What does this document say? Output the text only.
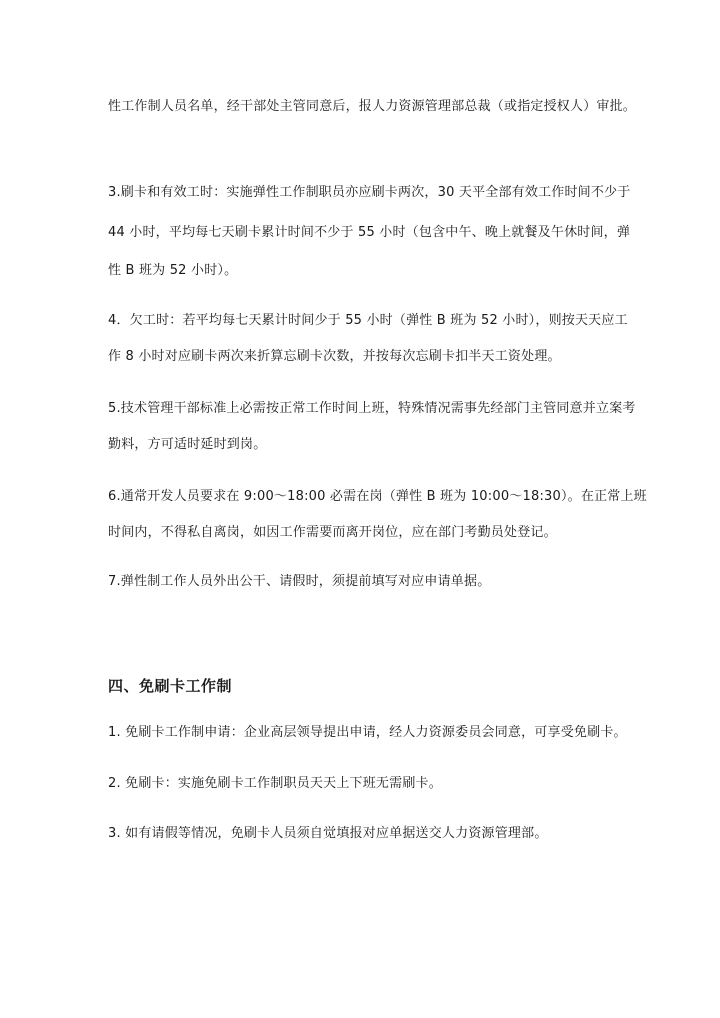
性工作制人员名单，经干部处主管同意后，报人力资源管理部总裁（或指定授权人）审批。
3.刷卡和有效工时：实施弹性工作制职员亦应刷卡两次，30 天平全部有效工作时间不少于
44 小时，平均每七天刷卡累计时间不少于 55 小时（包含中午、晚上就餐及午休时间，弹
性 B 班为 52 小时）。
4．欠工时：若平均每七天累计时间少于 55 小时（弹性 B 班为 52 小时），则按天天应工
作 8 小时对应刷卡两次来折算忘刷卡次数，并按每次忘刷卡扣半天工资处理。
5.技术管理干部标准上必需按正常工作时间上班，特殊情况需事先经部门主管同意并立案考
勤料，方可适时延时到岗。
6.通常开发人员要求在 9:00～18:00 必需在岗（弹性 B 班为 10:00～18:30）。在正常上班
时间内，不得私自离岗，如因工作需要而离开岗位，应在部门考勤员处登记。
7.弹性制工作人员外出公干、请假时，须提前填写对应申请单据。
四、免刷卡工作制
1. 免刷卡工作制申请：企业高层领导提出申请，经人力资源委员会同意，可享受免刷卡。
2. 免刷卡：实施免刷卡工作制职员天天上下班无需刷卡。
3. 如有请假等情况，免刷卡人员须自觉填报对应单据送交人力资源管理部。
